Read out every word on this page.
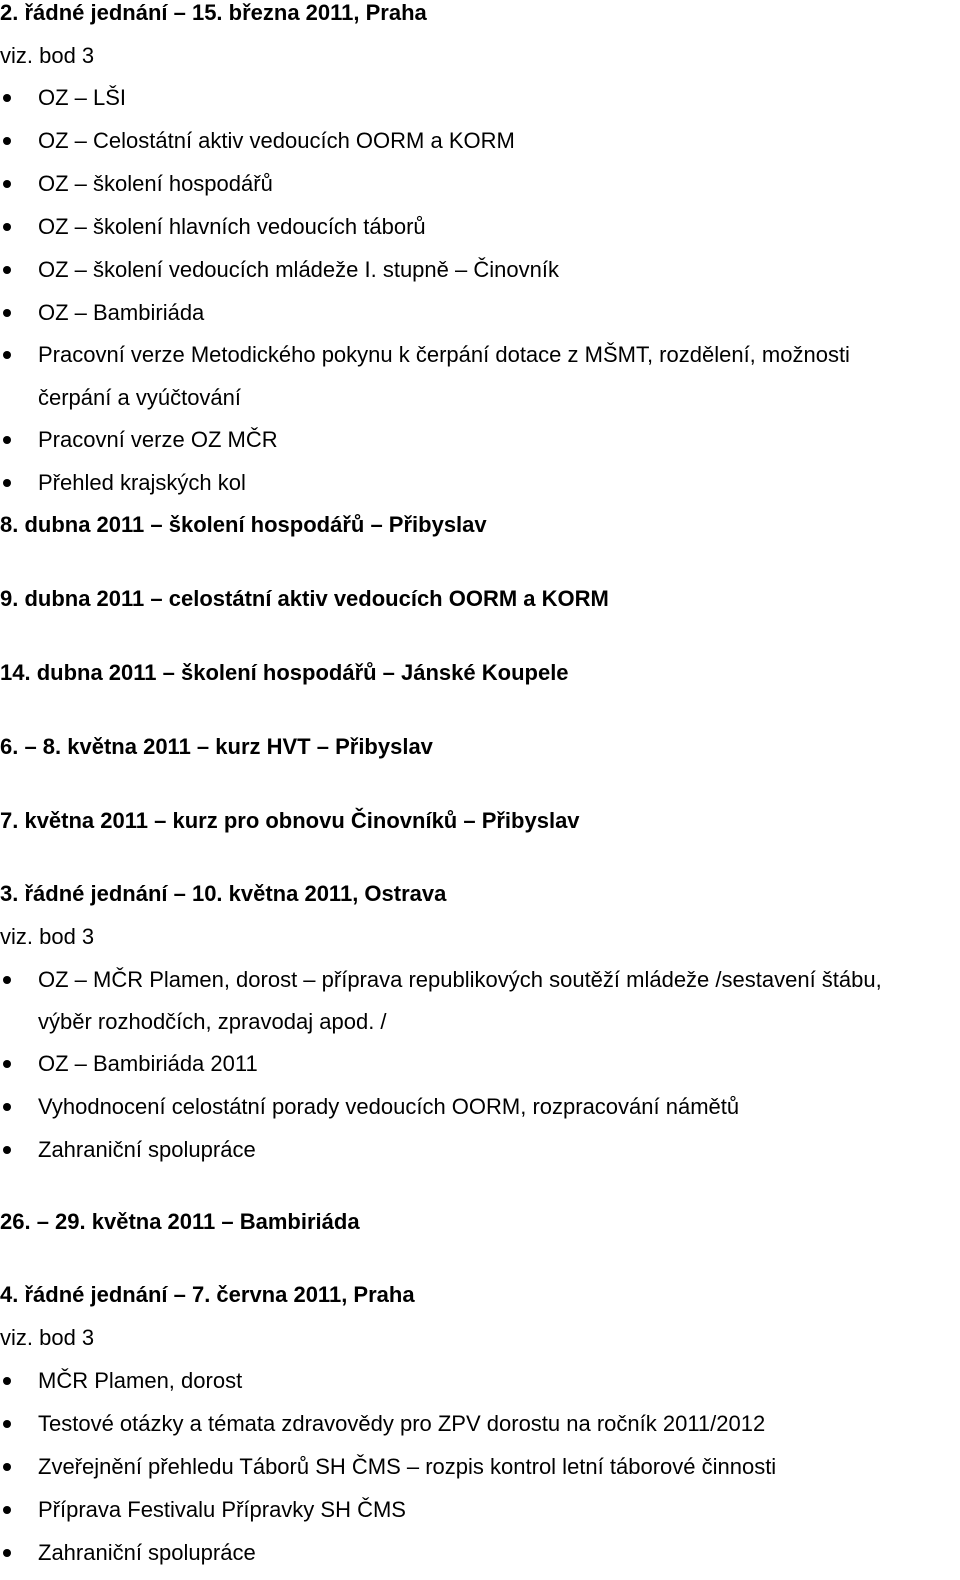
2. řádné jednání – 15. března 2011, Praha
viz. bod 3
OZ – LŠI
OZ – Celostátní aktiv vedoucích OORM a KORM
OZ – školení hospodářů
OZ – školení hlavních vedoucích táborů
OZ – školení vedoucích mládeže I. stupně – Činovník
OZ – Bambiriáda
Pracovní verze Metodického pokynu k čerpání dotace z MŠMT, rozdělení, možnosti
čerpání a vyúčtování
Pracovní verze OZ MČR
Přehled krajských kol
8. dubna 2011 – školení hospodářů – Přibyslav
9. dubna 2011 – celostátní aktiv vedoucích OORM a KORM
14. dubna 2011 – školení hospodářů – Jánské Koupele
6. – 8. května 2011 – kurz HVT – Přibyslav
7. května 2011 – kurz pro obnovu Činovníků – Přibyslav
3. řádné jednání – 10. května 2011, Ostrava
viz. bod 3
OZ – MČR Plamen, dorost – příprava republikových soutěží mládeže /sestavení štábu,
výběr rozhodčích, zpravodaj apod. /
OZ – Bambiriáda 2011
Vyhodnocení celostátní porady vedoucích OORM, rozpracování námětů
Zahraniční spolupráce
26. – 29. května 2011 – Bambiriáda
4. řádné jednání – 7. června 2011, Praha
viz. bod 3
MČR Plamen, dorost
Testové otázky a témata zdravovědy pro ZPV dorostu na ročník 2011/2012
Zveřejnění přehledu Táborů SH ČMS – rozpis kontrol letní táborové činnosti
Příprava Festivalu Přípravky SH ČMS
Zahraniční spolupráce
